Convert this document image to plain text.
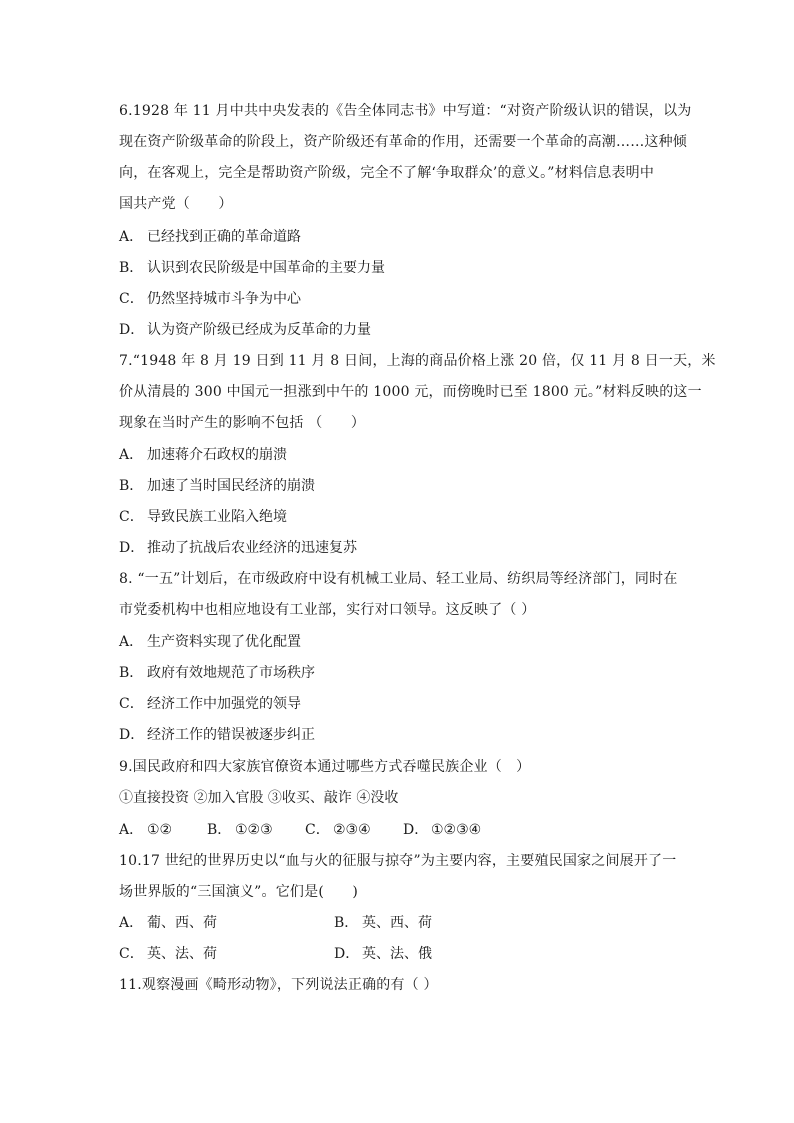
6.1928 年 11 月中共中央发表的《告全体同志书》中写道：“对资产阶级认识的错误，以为
现在资产阶级革命的阶段上，资产阶级还有革命的作用，还需要一个革命的高潮……这种倾
向，在客观上，完全是帮助资产阶级，完全不了解‘争取群众’的意义。”材料信息表明中
国共产党（　　）
A． 已经找到正确的革命道路
B． 认识到农民阶级是中国革命的主要力量
C． 仍然坚持城市斗争为中心
D． 认为资产阶级已经成为反革命的力量
7.“1948 年 8 月 19 日到 11 月 8 日间，上海的商品价格上涨 20 倍，仅 11 月 8 日一天，米
价从清晨的 300 中国元一担涨到中午的 1000 元，而傍晚时已至 1800 元。”材料反映的这一
现象在当时产生的影响不包括 （　　）
A． 加速蒋介石政权的崩溃
B． 加速了当时国民经济的崩溃
C． 导致民族工业陷入绝境
D． 推动了抗战后农业经济的迅速复苏
8. “一五”计划后，在市级政府中设有机械工业局、轻工业局、纺织局等经济部门，同时在
市党委机构中也相应地设有工业部，实行对口领导。这反映了（ ）
A． 生产资料实现了优化配置
B． 政府有效地规范了市场秩序
C． 经济工作中加强党的领导
D． 经济工作的错误被逐步纠正
9.国民政府和四大家族官僚资本通过哪些方式吞噬民族企业（　）
①直接投资 ②加入官股 ③收买、敲诈 ④没收
A． ①② B． ①②③ C． ②③④ D． ①②③④
10.17 世纪的世界历史以“血与火的征服与掠夺”为主要内容，主要殖民国家之间展开了一
场世界版的“三国演义”。它们是(　　)
A． 葡、西、荷	B． 英、西、荷
C． 英、法、荷	D． 英、法、俄
11.观察漫画《畸形动物》，下列说法正确的有（ ）
